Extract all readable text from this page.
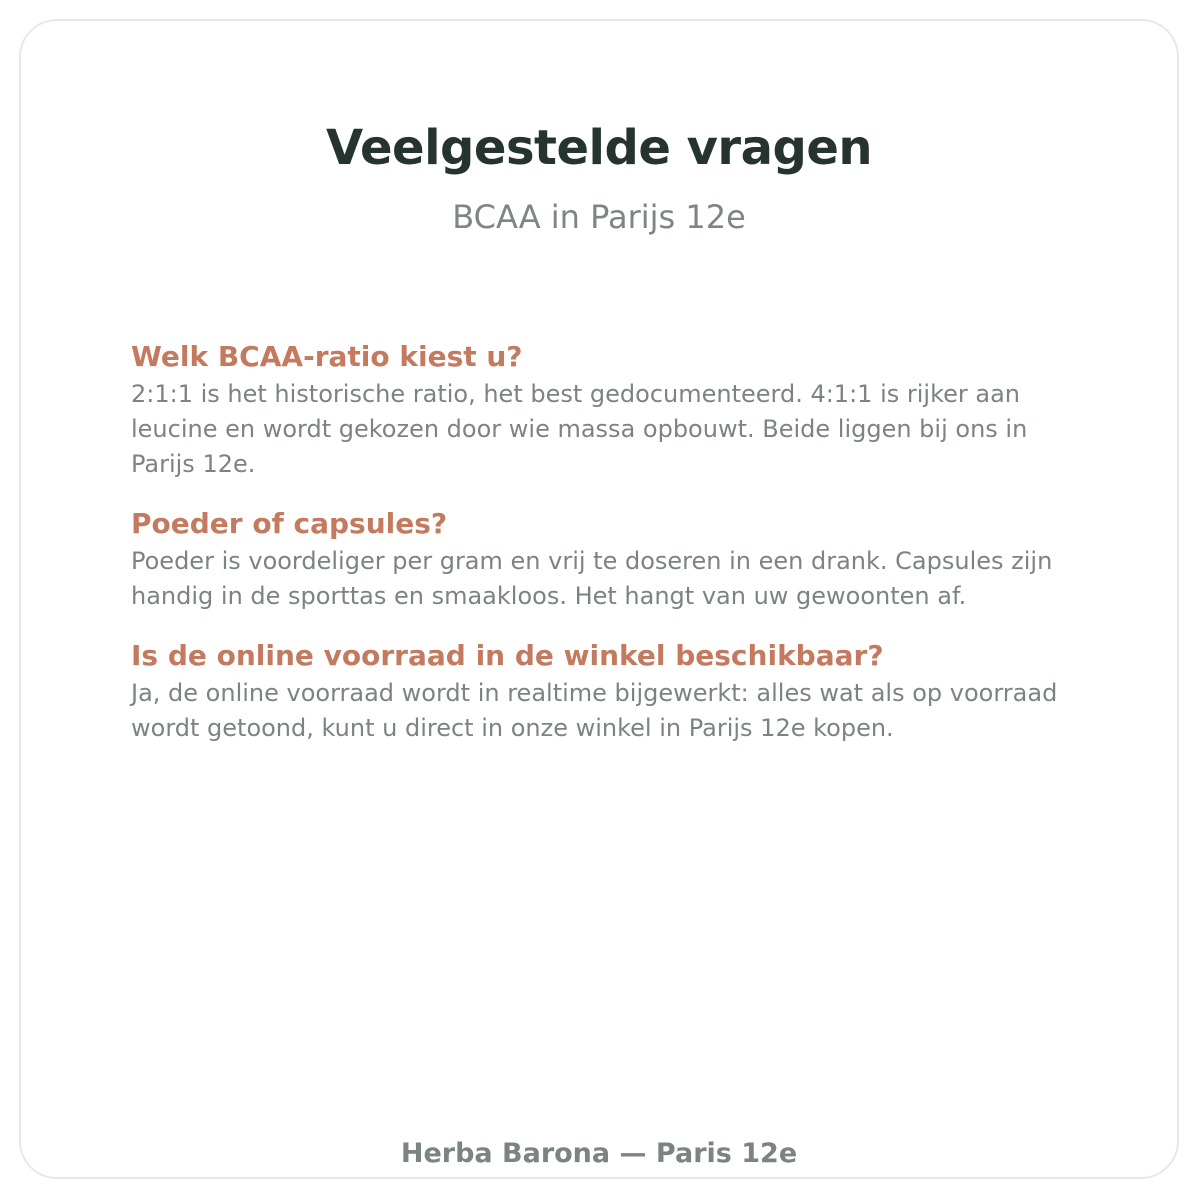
Veelgestelde vragen
BCAA in Parijs 12e
Welk BCAA-ratio kiest u?

2:1:1 is het historische ratio, het best gedocumenteerd. 4:1:1 is rijker aan leucine en wordt gekozen door wie massa opbouwt. Beide liggen bij ons in Parijs 12e.

Poeder of capsules?

Poeder is voordeliger per gram en vrij te doseren in een drank. Capsules zijn handig in de sporttas en smaakloos. Het hangt van uw gewoonten af.

Is de online voorraad in de winkel beschikbaar?

Ja, de online voorraad wordt in realtime bijgewerkt: alles wat als op voorraad wordt getoond, kunt u direct in onze winkel in Parijs 12e kopen.

Herba Barona — Paris 12e
